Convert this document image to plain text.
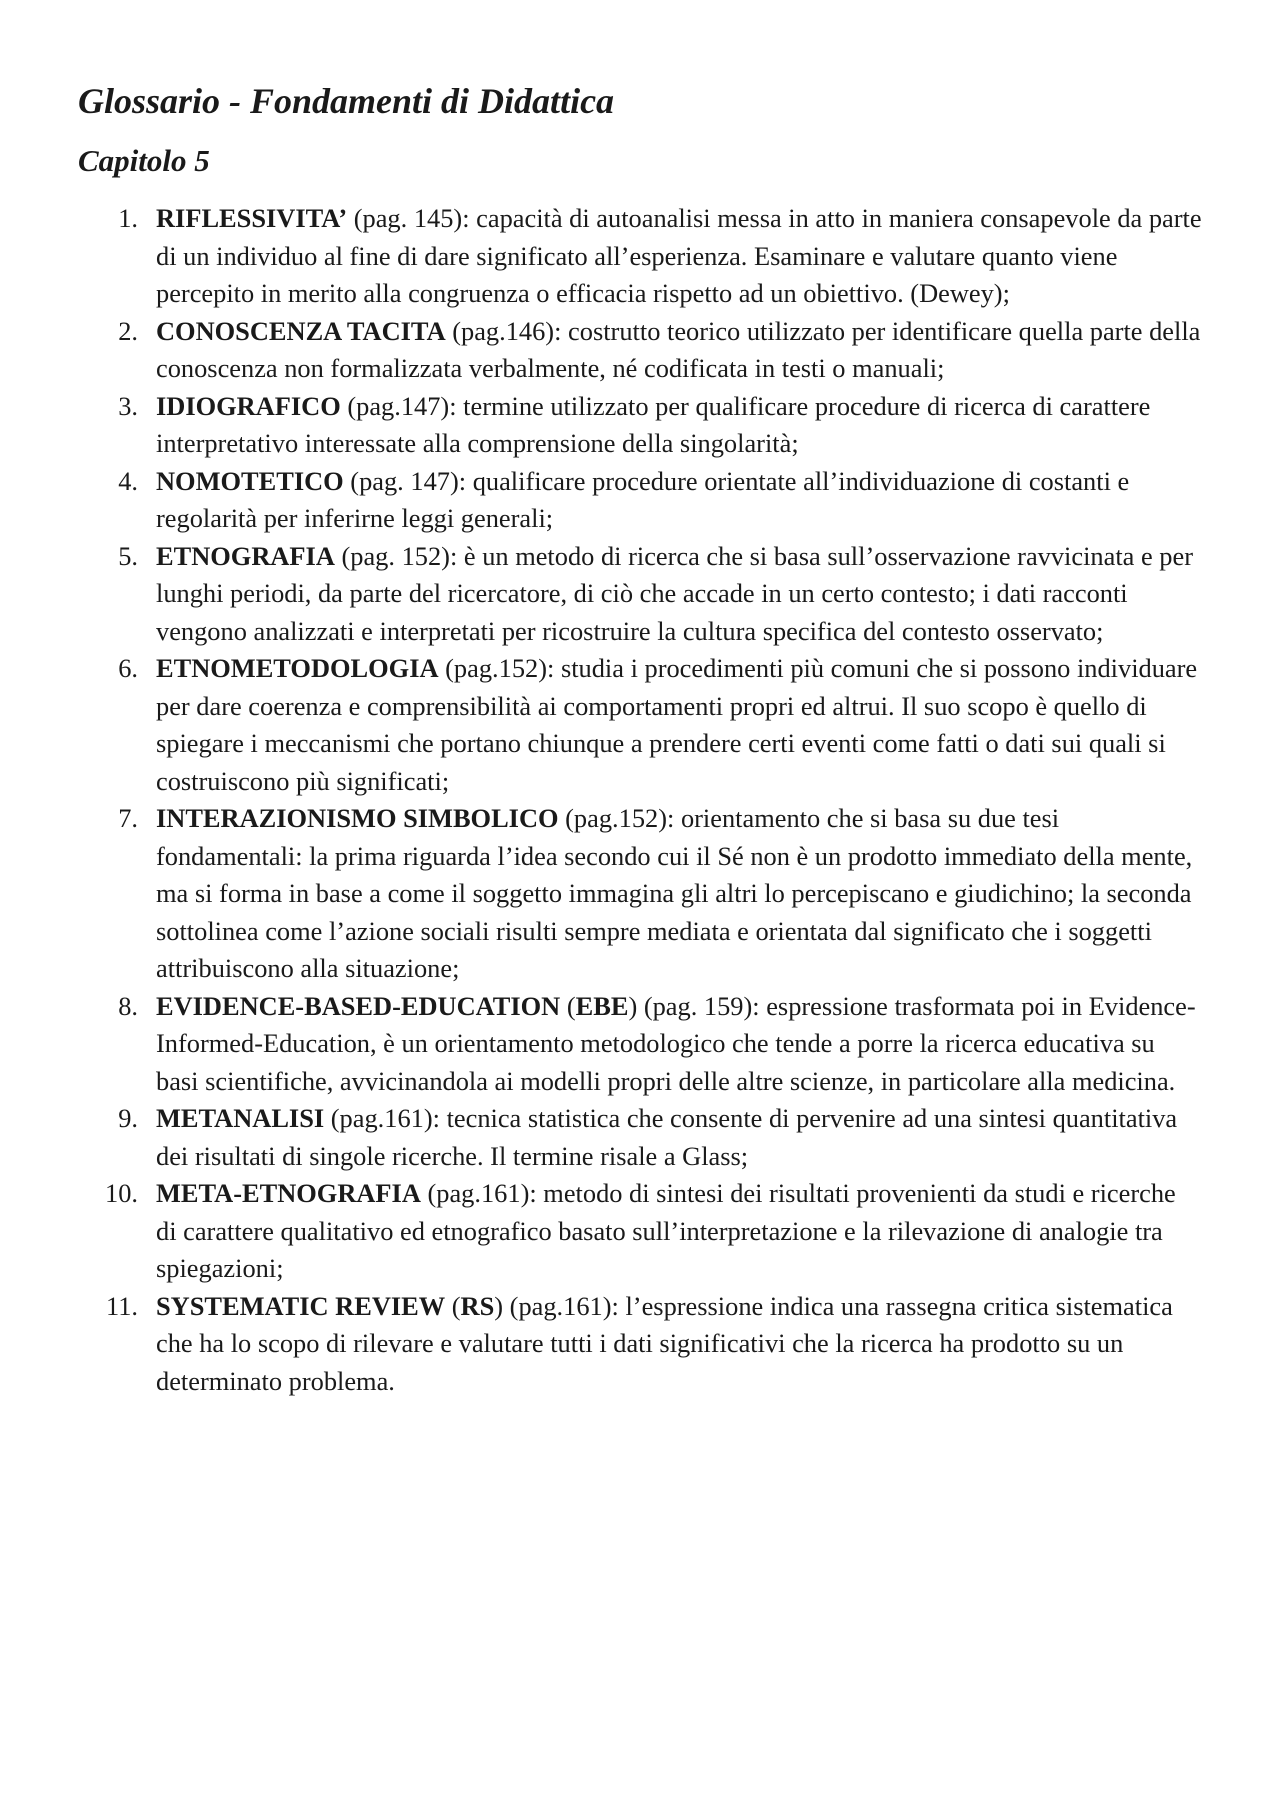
Glossario - Fondamenti di Didattica
Capitolo 5
1. RIFLESSIVITA’ (pag. 145): capacità di autoanalisi messa in atto in maniera consapevole da parte di un individuo al fine di dare significato all’esperienza. Esaminare e valutare quanto viene percepito in merito alla congruenza o efficacia rispetto ad un obiettivo. (Dewey);
2. CONOSCENZA TACITA (pag.146): costrutto teorico utilizzato per identificare quella parte della conoscenza non formalizzata verbalmente, né codificata in testi o manuali;
3. IDIOGRAFICO (pag.147): termine utilizzato per qualificare procedure di ricerca di carattere interpretativo interessate alla comprensione della singolarità;
4. NOMOTETICO (pag. 147): qualificare procedure orientate all’individuazione di costanti e regolarità per inferirne leggi generali;
5. ETNOGRAFIA (pag. 152): è un metodo di ricerca che si basa sull’osservazione ravvicinata e per lunghi periodi, da parte del ricercatore, di ciò che accade in un certo contesto; i dati racconti vengono analizzati e interpretati per ricostruire la cultura specifica del contesto osservato;
6. ETNOMETODOLOGIA (pag.152): studia i procedimenti più comuni che si possono individuare per dare coerenza e comprensibilità ai comportamenti propri ed altrui. Il suo scopo è quello di spiegare i meccanismi che portano chiunque a prendere certi eventi come fatti o dati sui quali si costruiscono più significati;
7. INTERAZIONISMO SIMBOLICO (pag.152): orientamento che si basa su due tesi fondamentali: la prima riguarda l’idea secondo cui il Sé non è un prodotto immediato della mente, ma si forma in base a come il soggetto immagina gli altri lo percepiscano e giudichino; la seconda sottolinea come l’azione sociali risulti sempre mediata e orientata dal significato che i soggetti attribuiscono alla situazione;
8. EVIDENCE-BASED-EDUCATION (EBE) (pag. 159): espressione trasformata poi in Evidence-Informed-Education, è un orientamento metodologico che tende a porre la ricerca educativa su basi scientifiche, avvicinandola ai modelli propri delle altre scienze, in particolare alla medicina.
9. METANALISI (pag.161): tecnica statistica che consente di pervenire ad una sintesi quantitativa dei risultati di singole ricerche. Il termine risale a Glass;
10. META-ETNOGRAFIA (pag.161): metodo di sintesi dei risultati provenienti da studi e ricerche di carattere qualitativo ed etnografico basato sull’interpretazione e la rilevazione di analogie tra spiegazioni;
11. SYSTEMATIC REVIEW (RS) (pag.161): l’espressione indica una rassegna critica sistematica che ha lo scopo di rilevare e valutare tutti i dati significativi che la ricerca ha prodotto su un determinato problema.
